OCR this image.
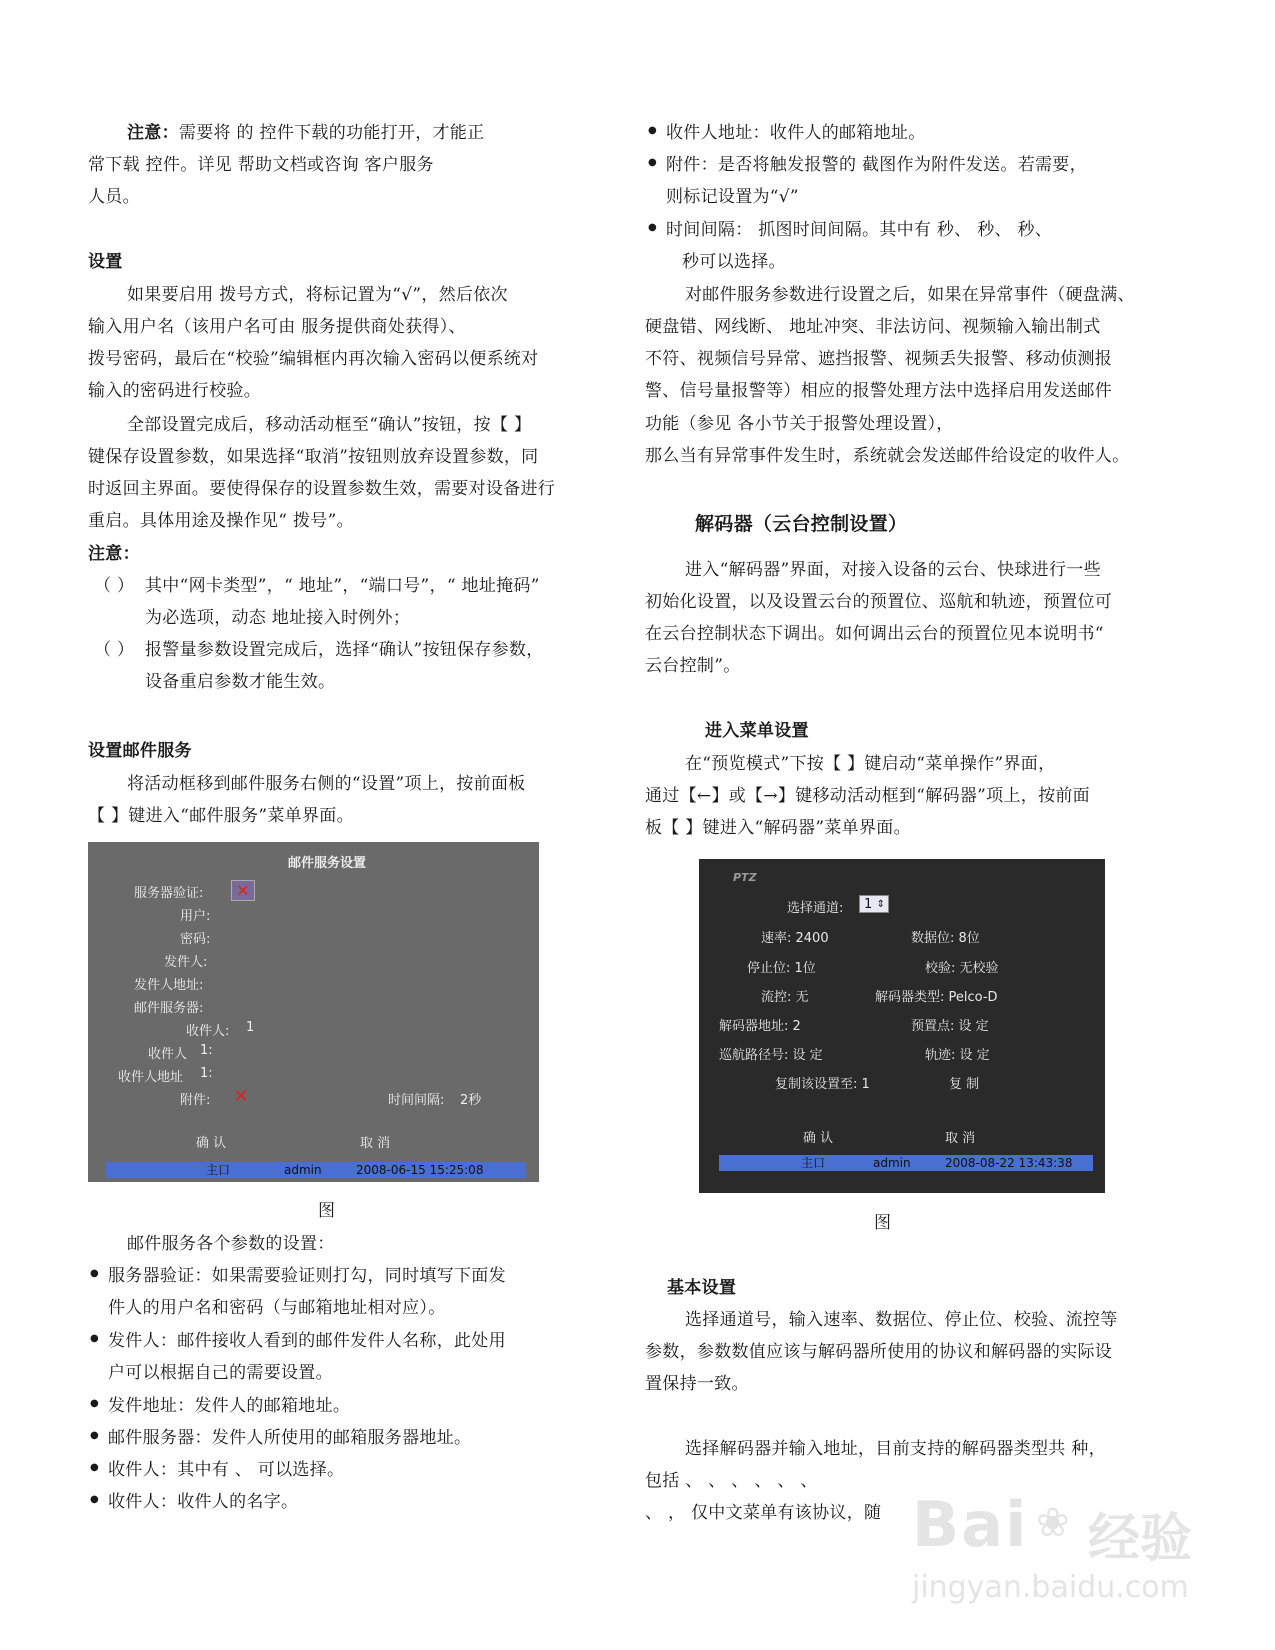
注意：需要将 的 控件下载的功能打开，才能正
常下载 控件。详见 帮助文档或咨询 客户服务
人员。
设置
如果要启用 拨号方式，将标记置为“√”，然后依次
输入用户名（该用户名可由 服务提供商处获得）、
拨号密码，最后在“校验”编辑框内再次输入密码以便系统对
输入的密码进行校验。
全部设置完成后，移动活动框至“确认”按钮，按【 】
键保存设置参数，如果选择“取消”按钮则放弃设置参数，同
时返回主界面。要使得保存的设置参数生效，需要对设备进行
重启。具体用途及操作见“ 拨号”。
注意：
（ ） 其中“网卡类型”，“ 地址”，“端口号”，“ 地址掩码”
为必选项，动态 地址接入时例外；
（ ） 报警量参数设置完成后，选择“确认”按钮保存参数，
设备重启参数才能生效。
设置邮件服务
将活动框移到邮件服务右侧的“设置”项上，按前面板
【 】键进入“邮件服务”菜单界面。
邮件服务设置
服务器验证:	✕
用户:
密码:
发件人:
发件人地址:
邮件服务器:
收件人: 1
收件人 1:
收件人地址 1:
附件: ✕	时间间隔: 2秒
确 认	取 消
主口	admin	2008-06-15 15:25:08
图
邮件服务各个参数的设置：
● 服务器验证：如果需要验证则打勾，同时填写下面发
件人的用户名和密码（与邮箱地址相对应）。
● 发件人：邮件接收人看到的邮件发件人名称，此处用
户可以根据自己的需要设置。
● 发件地址：发件人的邮箱地址。
● 邮件服务器：发件人所使用的邮箱服务器地址。
● 收件人：其中有 、 可以选择。
● 收件人：收件人的名字。
● 收件人地址：收件人的邮箱地址。
● 附件：是否将触发报警的 截图作为附件发送。若需要，
则标记设置为“√”
● 时间间隔： 抓图时间间隔。其中有 秒、 秒、 秒、
秒可以选择。
对邮件服务参数进行设置之后，如果在异常事件（硬盘满、
硬盘错、网线断、 地址冲突、非法访问、视频输入输出制式
不符、视频信号异常、遮挡报警、视频丢失报警、移动侦测报
警、信号量报警等）相应的报警处理方法中选择启用发送邮件
功能（参见 各小节关于报警处理设置），
那么当有异常事件发生时，系统就会发送邮件给设定的收件人。
解码器（云台控制设置）
进入“解码器”界面，对接入设备的云台、快球进行一些
初始化设置，以及设置云台的预置位、巡航和轨迹，预置位可
在云台控制状态下调出。如何调出云台的预置位见本说明书“
云台控制”。
进入菜单设置
在“预览模式”下按【 】键启动“菜单操作”界面，
通过【←】或【→】键移动活动框到“解码器”项上，按前面
板【 】键进入“解码器”菜单界面。
PTZ
选择通道:	1 ⇕
速率: 2400	数据位: 8位
停止位: 1位	校验: 无校验
流控: 无	解码器类型: Pelco-D
解码器地址: 2	预置点: 设 定
巡航路径号: 设 定	轨迹: 设 定
复制该设置至: 1	复 制
确 认	取 消
主口	admin	2008-08-22 13:43:38
图
基本设置
选择通道号，输入速率、数据位、停止位、校验、流控等
参数，参数数值应该与解码器所使用的协议和解码器的实际设
置保持一致。
选择解码器并输入地址，目前支持的解码器类型共 种，
包括 、 、 、 、 、 、
、 ， 仅中文菜单有该协议，随 Bai ❀ 经验
jingyan.baidu.com
